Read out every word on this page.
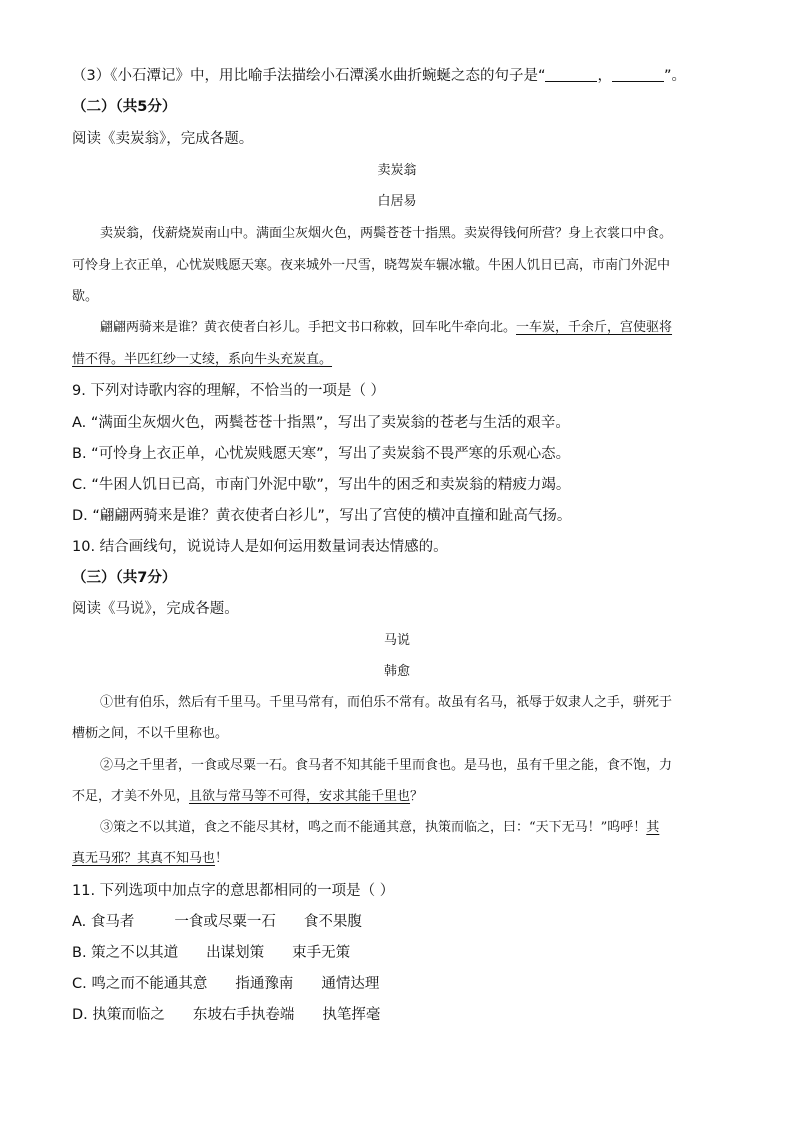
（3）《小石潭记》中，用比喻手法描绘小石潭溪水曲折蜿蜒之态的句子是“	，	”。
（二）（共5分）
阅读《卖炭翁》，完成各题。
卖炭翁
白居易
卖炭翁，伐薪烧炭南山中。满面尘灰烟火色，两鬓苍苍十指黑。卖炭得钱何所营？身上衣裳口中食。
可怜身上衣正单，心忧炭贱愿天寒。夜来城外一尺雪，晓驾炭车辗冰辙。牛困人饥日已高，市南门外泥中
歇。
翩翩两骑来是谁？黄衣使者白衫儿。手把文书口称敕，回车叱牛牵向北。一车炭，千余斤，宫使驱将
惜不得。半匹红纱一丈绫，系向牛头充炭直。
9. 下列对诗歌内容的理解，不恰当的一项是（ ）
A. “满面尘灰烟火色，两鬓苍苍十指黑”，写出了卖炭翁的苍老与生活的艰辛。
B. “可怜身上衣正单，心忧炭贱愿天寒”，写出了卖炭翁不畏严寒的乐观心态。
C. “牛困人饥日已高，市南门外泥中歇”，写出牛的困乏和卖炭翁的精疲力竭。
D. “翩翩两骑来是谁？黄衣使者白衫儿”，写出了宫使的横冲直撞和趾高气扬。
10. 结合画线句，说说诗人是如何运用数量词表达情感的。
（三）（共7分）
阅读《马说》，完成各题。
马说
韩愈
①世有伯乐，然后有千里马。千里马常有，而伯乐不常有。故虽有名马，祇辱于奴隶人之手，骈死于
槽枥之间，不以千里称也。
②马之千里者，一食或尽粟一石。食马者不知其能千里而食也。是马也，虽有千里之能，食不饱，力
不足，才美不外见，且欲与常马等不可得，安求其能千里也？
③策之不以其道，食之不能尽其材，鸣之而不能通其意，执策而临之，曰：“天下无马！”呜呼！其
真无马邪？其真不知马也！
11. 下列选项中加点字的意思都相同的一项是（ ）
A. 食马者	一食或尽粟一石 食不果腹
B. 策之不以其道 出谋划策 束手无策
C. 鸣之而不能通其意 指通豫南 通情达理
D. 执策而临之 东坡右手执卷端 执笔挥毫
